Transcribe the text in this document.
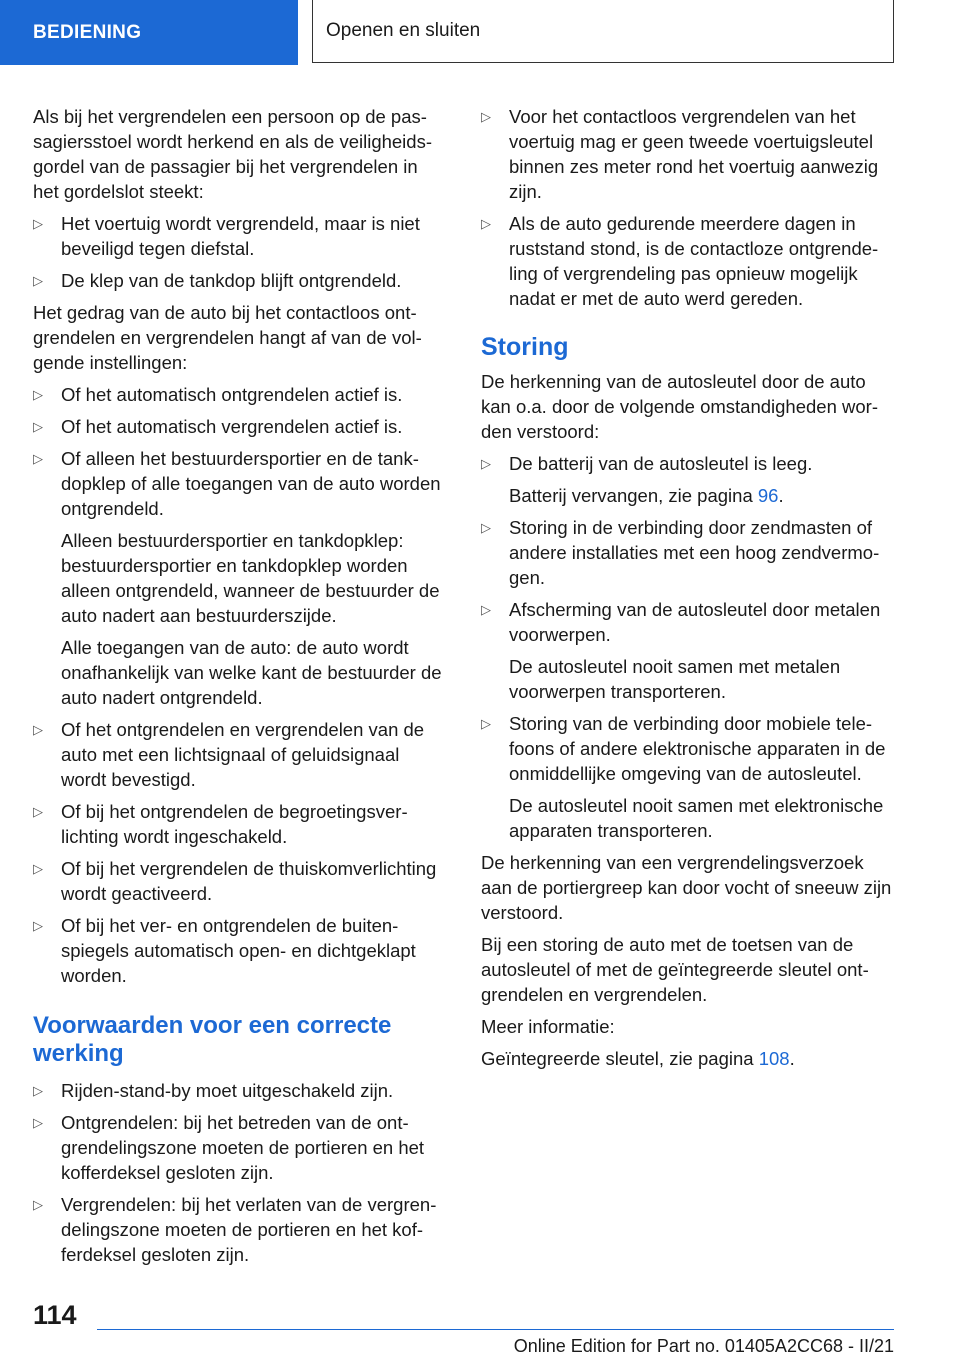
BEDIENING	Openen en sluiten

Als bij het vergrendelen een persoon op de passagiersstoel wordt herkend en als de veiligheidsgordel van de passagier bij het vergrendelen in het gordelslot steekt:

▷ Het voertuig wordt vergrendeld, maar is niet beveiligd tegen diefstal.
▷ De klep van de tankdop blijft ontgrendeld.

Het gedrag van de auto bij het contactloos ontgrendelen en vergrendelen hangt af van de volgende instellingen:

▷ Of het automatisch ontgrendelen actief is.
▷ Of het automatisch vergrendelen actief is.
▷ Of alleen het bestuurdersportier en de tankdopklep of alle toegangen van de auto worden ontgrendeld.

Alleen bestuurdersportier en tankdopklep: bestuurdersportier en tankdopklep worden alleen ontgrendeld, wanneer de bestuurder de auto nadert aan bestuurderszijde.

Alle toegangen van de auto: de auto wordt onafhankelijk van welke kant de bestuurder de auto nadert ontgrendeld.

▷ Of het ontgrendelen en vergrendelen van de auto met een lichtsignaal of geluidsignaal wordt bevestigd.
▷ Of bij het ontgrendelen de begroetingsverlichting wordt ingeschakeld.
▷ Of bij het vergrendelen de thuiskomverlichting wordt geactiveerd.
▷ Of bij het ver- en ontgrendelen de buitenspiegels automatisch open- en dichtgeklapt worden.
Voorwaarden voor een correcte werking
▷ Rijden-stand-by moet uitgeschakeld zijn.
▷ Ontgrendelen: bij het betreden van de ontgrendelingszone moeten de portieren en het kofferdeksel gesloten zijn.
▷ Vergrendelen: bij het verlaten van de vergrendelingszone moeten de portieren en het kofferdeksel gesloten zijn.
▷ Voor het contactloos vergrendelen van het voertuig mag er geen tweede voertuigsleutel binnen zes meter rond het voertuig aanwezig zijn.
▷ Als de auto gedurende meerdere dagen in ruststand stond, is de contactloze ontgrendeling of vergrendeling pas opnieuw mogelijk nadat er met de auto werd gereden.
Storing

De herkenning van de autosleutel door de auto kan o.a. door de volgende omstandigheden worden verstoord:

▷ De batterij van de autosleutel is leeg.

Batterij vervangen, zie pagina 96.

▷ Storing in de verbinding door zendmasten of andere installaties met een hoog zendvermogen.
▷ Afscherming van de autosleutel door metalen voorwerpen.

De autosleutel nooit samen met metalen voorwerpen transporteren.

▷ Storing van de verbinding door mobiele telefoons of andere elektronische apparaten in de onmiddellijke omgeving van de autosleutel.

De autosleutel nooit samen met elektronische apparaten transporteren.

De herkenning van een vergrendelingsverzoek aan de portiergreep kan door vocht of sneeuw zijn verstoord.

Bij een storing de auto met de toetsen van de autosleutel of met de geïntegreerde sleutel ontgrendelen en vergrendelen.

Meer informatie:

Geïntegreerde sleutel, zie pagina 108.

114
Online Edition for Part no. 01405A2CC68 - II/21
